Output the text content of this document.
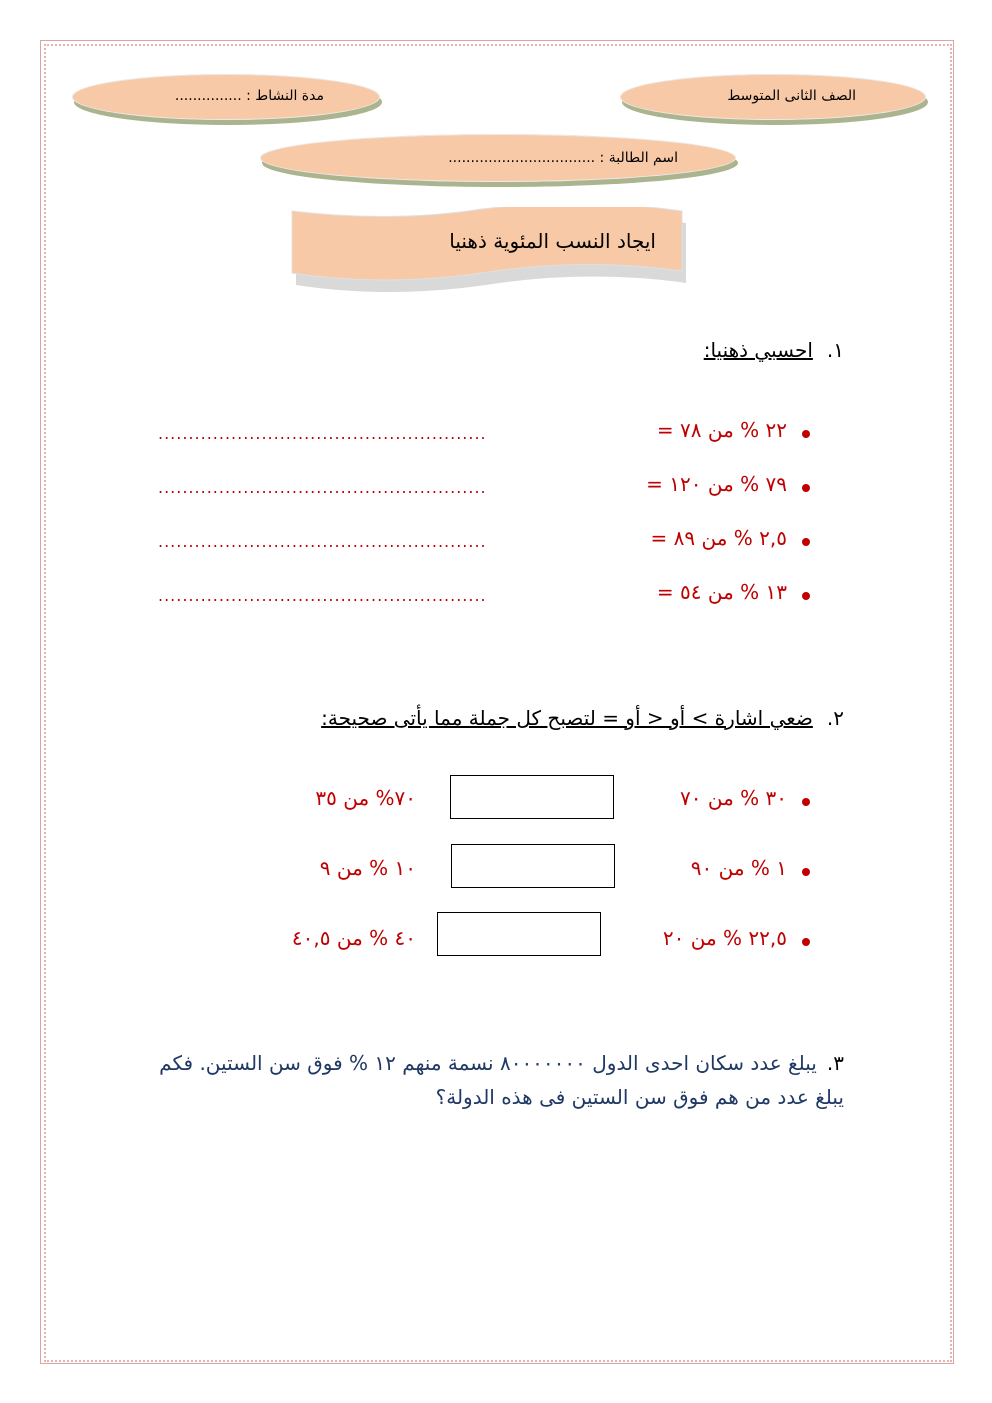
الصف الثانى المتوسط
مدة النشاط : ...............
اسم الطالبة : .................................
ايجاد النسب المئوية ذهنيا
١.احسبي ذهنيا:
٢٢ % من ٧٨ =
......................................................
٧٩ % من ١٢٠ =
......................................................
٢,٥ % من ٨٩ =
......................................................
١٣ % من ٥٤ =
......................................................
٢.ضعي اشارة > أو < أو = لتصبح كل جملة مما يأتى صحيحة:
٣٠ % من ٧٠
٧٠% من ٣٥
١ % من ٩٠
١٠ % من ٩
٢٢,٥ % من ٢٠
٤٠ % من ٤٠,٥
٣.يبلغ عدد سكان احدى الدول ٨٠٠٠٠٠٠٠ نسمة منهم ١٢ % فوق سن الستين. فكم يبلغ عدد من هم فوق سن الستين فى هذه الدولة؟
